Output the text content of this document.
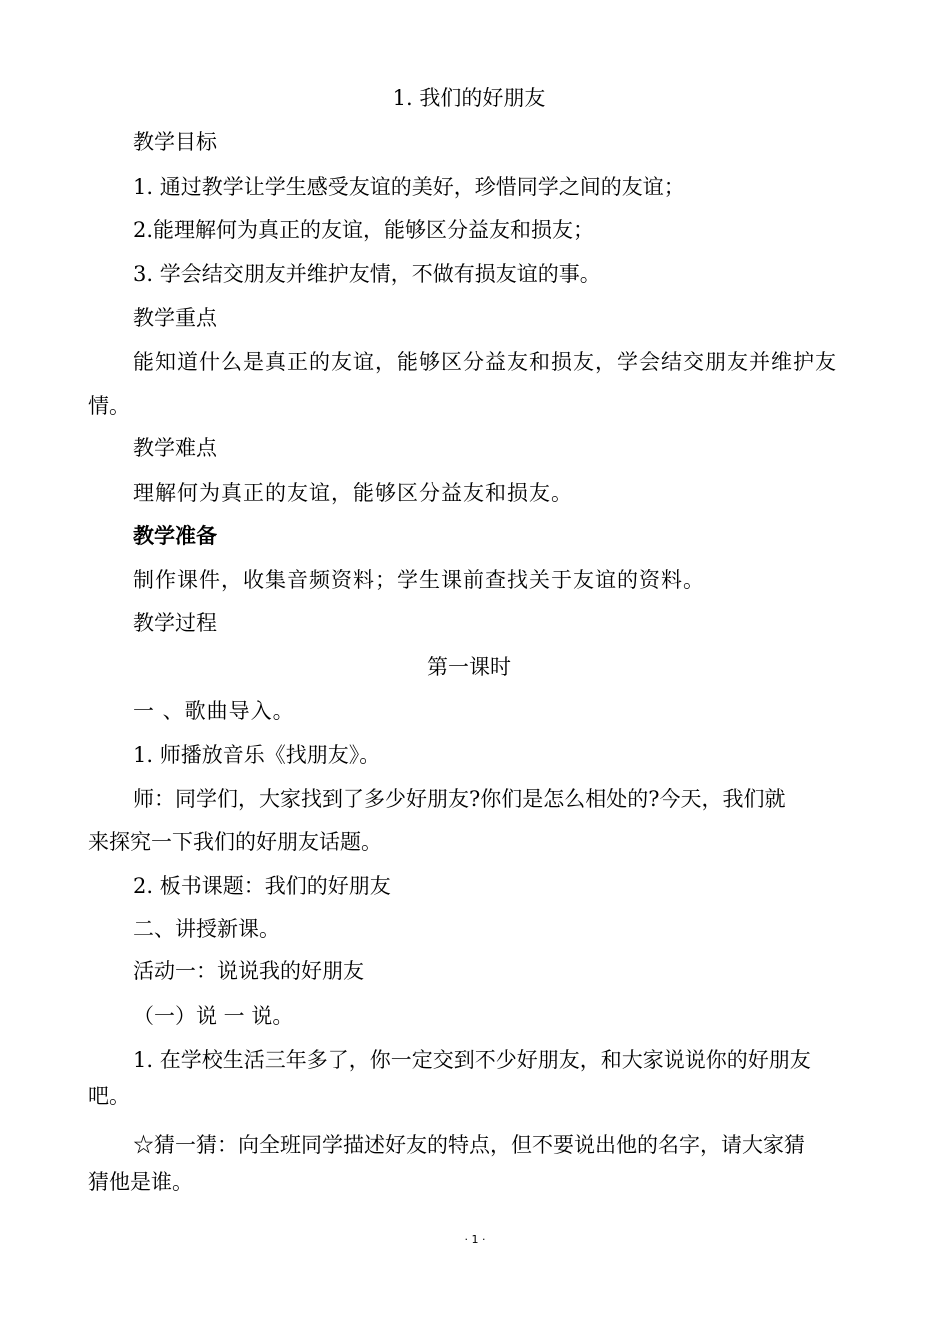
1. 我们的好朋友

教学目标

1. 通过教学让学生感受友谊的美好，珍惜同学之间的友谊；

2.能理解何为真正的友谊，能够区分益友和损友；

3. 学会结交朋友并维护友情，不做有损友谊的事。

教学重点

能知道什么是真正的友谊，能够区分益友和损友，学会结交朋友并维护友

情。

教学难点

理解何为真正的友谊，能够区分益友和损友。

教学准备

制作课件，收集音频资料；学生课前查找关于友谊的资料。

教学过程

第一课时

一 、歌曲导入。

1. 师播放音乐《找朋友》。

师：同学们，大家找到了多少好朋友?你们是怎么相处的?今天，我们就

来探究一下我们的好朋友话题。

2. 板书课题：我们的好朋友

二、讲授新课。

活动一：说说我的好朋友

（一）说 一 说。

1. 在学校生活三年多了，你一定交到不少好朋友，和大家说说你的好朋友

吧。

☆猜一猜：向全班同学描述好友的特点，但不要说出他的名字，请大家猜

猜他是谁。

· 1 ·
